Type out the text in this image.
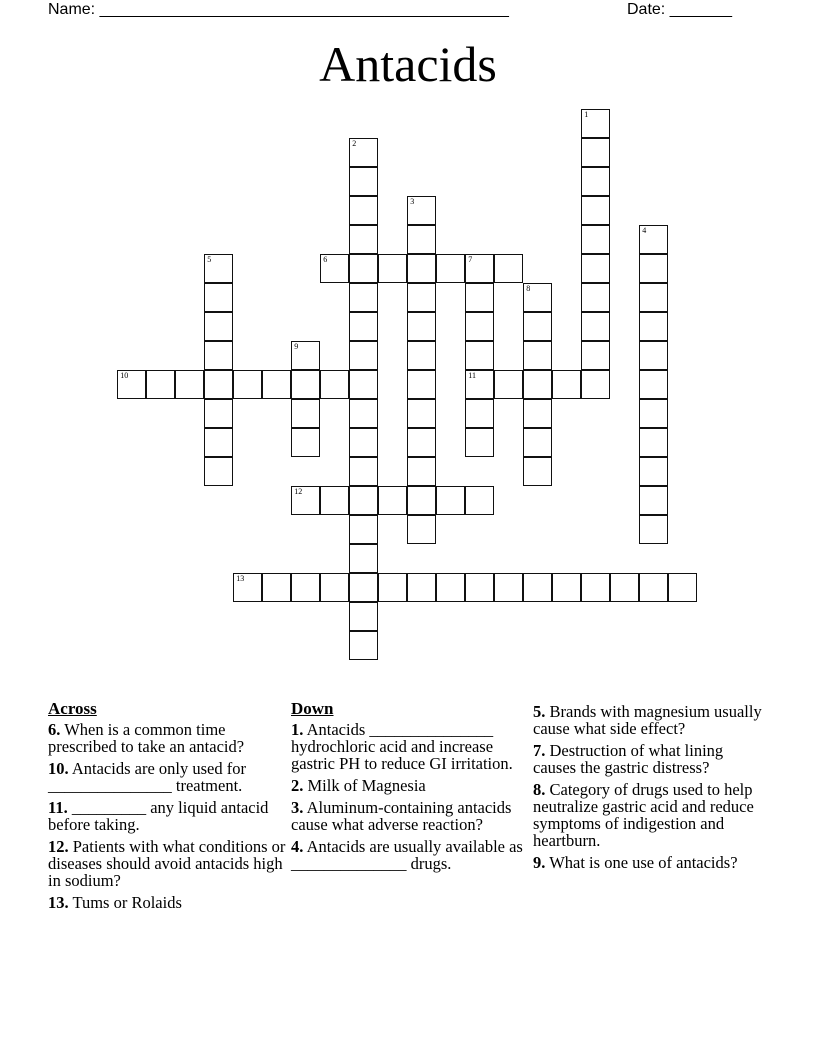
Name: ______________________________________________	Date: _______
Antacids
1
2
3
4
5	6	7
11
8
9
10
12
13
Across
6. When is a common time prescribed to take an antacid?
10. Antacids are only used for _______________ treatment.
11. _________ any liquid antacid before taking.
12. Patients with what conditions or diseases should avoid antacids high in sodium?
13. Tums or Rolaids
Down
1. Antacids _______________ hydrochloric acid and increase gastric PH to reduce GI irritation.
2. Milk of Magnesia
3. Aluminum-containing antacids cause what adverse reaction?
4. Antacids are usually available as ______________ drugs.
5. Brands with magnesium usually cause what side effect?
7. Destruction of what lining causes the gastric distress?
8. Category of drugs used to help neutralize gastric acid and reduce symptoms of indigestion and heartburn.
9. What is one use of antacids?
